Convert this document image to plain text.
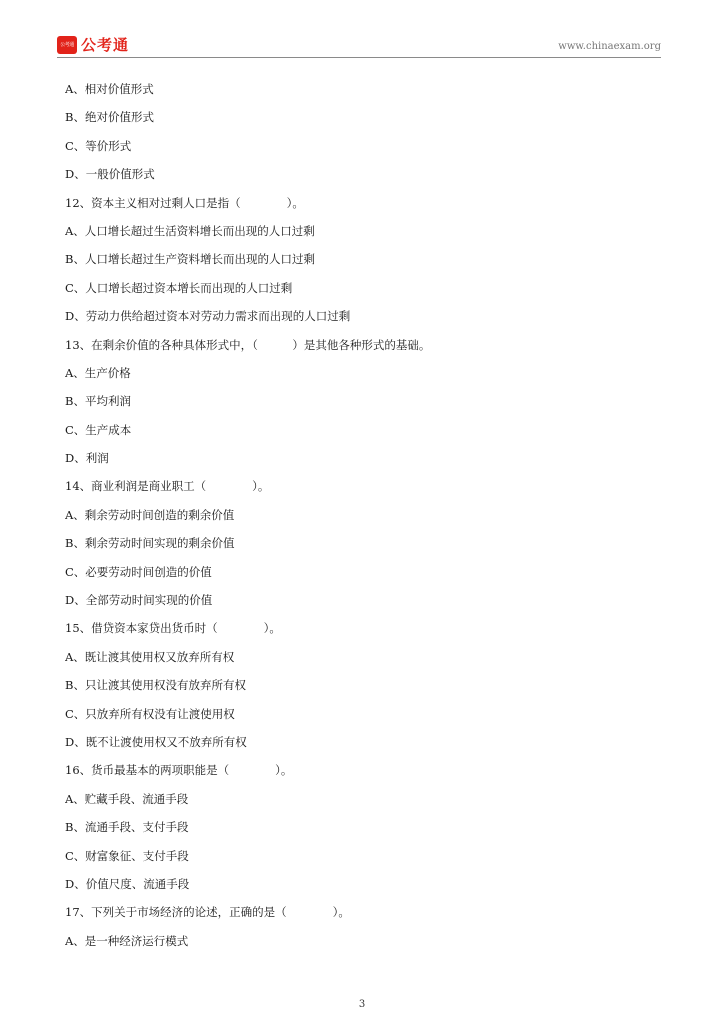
公考通 公考通	www.chinaexam.org
A、相对价值形式
B、绝对价值形式
C、等价形式
D、一般价值形式
12、资本主义相对过剩人口是指（　　　　）。
A、人口增长超过生活资料增长而出现的人口过剩
B、人口增长超过生产资料增长而出现的人口过剩
C、人口增长超过资本增长而出现的人口过剩
D、劳动力供给超过资本对劳动力需求而出现的人口过剩
13、在剩余价值的各种具体形式中，（　　　）是其他各种形式的基础。
A、生产价格
B、平均利润
C、生产成本
D、利润
14、商业利润是商业职工（　　　　）。
A、剩余劳动时间创造的剩余价值
B、剩余劳动时间实现的剩余价值
C、必要劳动时间创造的价值
D、全部劳动时间实现的价值
15、借贷资本家贷出货币时（　　　　）。
A、既让渡其使用权又放弃所有权
B、只让渡其使用权没有放弃所有权
C、只放弃所有权没有让渡使用权
D、既不让渡使用权又不放弃所有权
16、货币最基本的两项职能是（　　　　）。
A、贮藏手段、流通手段
B、流通手段、支付手段
C、财富象征、支付手段
D、价值尺度、流通手段
17、下列关于市场经济的论述，正确的是（　　　　）。
A、是一种经济运行模式
3
